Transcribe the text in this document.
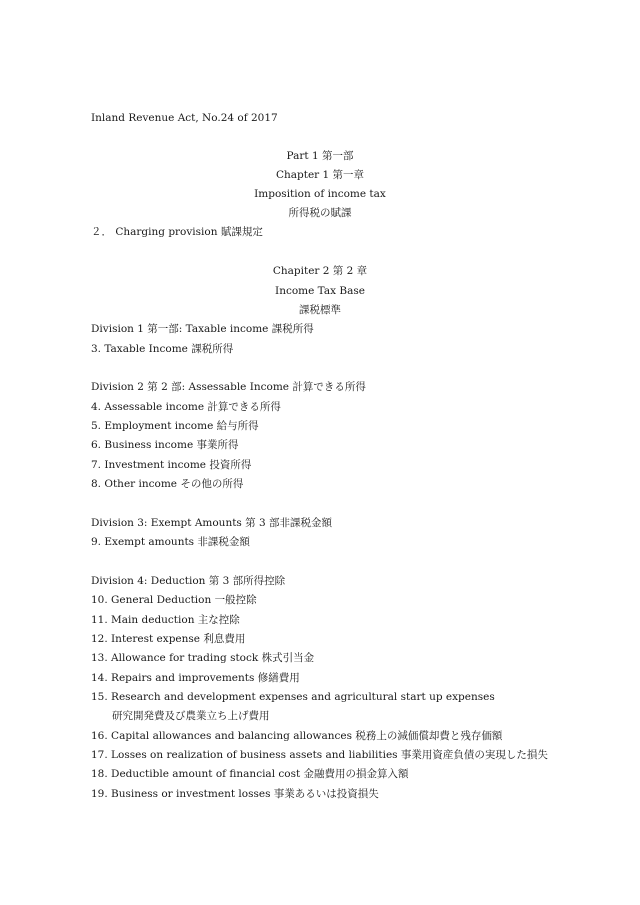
Inland Revenue Act, No.24 of 2017
Part 1 第一部
Chapter 1 第一章
Imposition of income tax
所得税の賦課
２． Charging provision 賦課規定
Chapiter 2 第 2 章
Income Tax Base
課税標準
Division 1 第一部: Taxable income 課税所得
3. Taxable Income 課税所得
Division 2 第 2 部: Assessable Income 計算できる所得
4. Assessable income 計算できる所得
5. Employment income 給与所得
6. Business income 事業所得
7. Investment income 投資所得
8. Other income その他の所得
Division 3: Exempt Amounts 第 3 部非課税金額
9. Exempt amounts 非課税金額
Division 4: Deduction 第 3 部所得控除
10. General Deduction 一般控除
11. Main deduction 主な控除
12. Interest expense 利息費用
13. Allowance for trading stock 株式引当金
14. Repairs and improvements 修繕費用
15. Research and development expenses and agricultural start up expenses
研究開発費及び農業立ち上げ費用
16. Capital allowances and balancing allowances 税務上の減価償却費と残存価額
17. Losses on realization of business assets and liabilities 事業用資産負債の実現した損失
18. Deductible amount of financial cost 金融費用の損金算入額
19. Business or investment losses 事業あるいは投資損失
